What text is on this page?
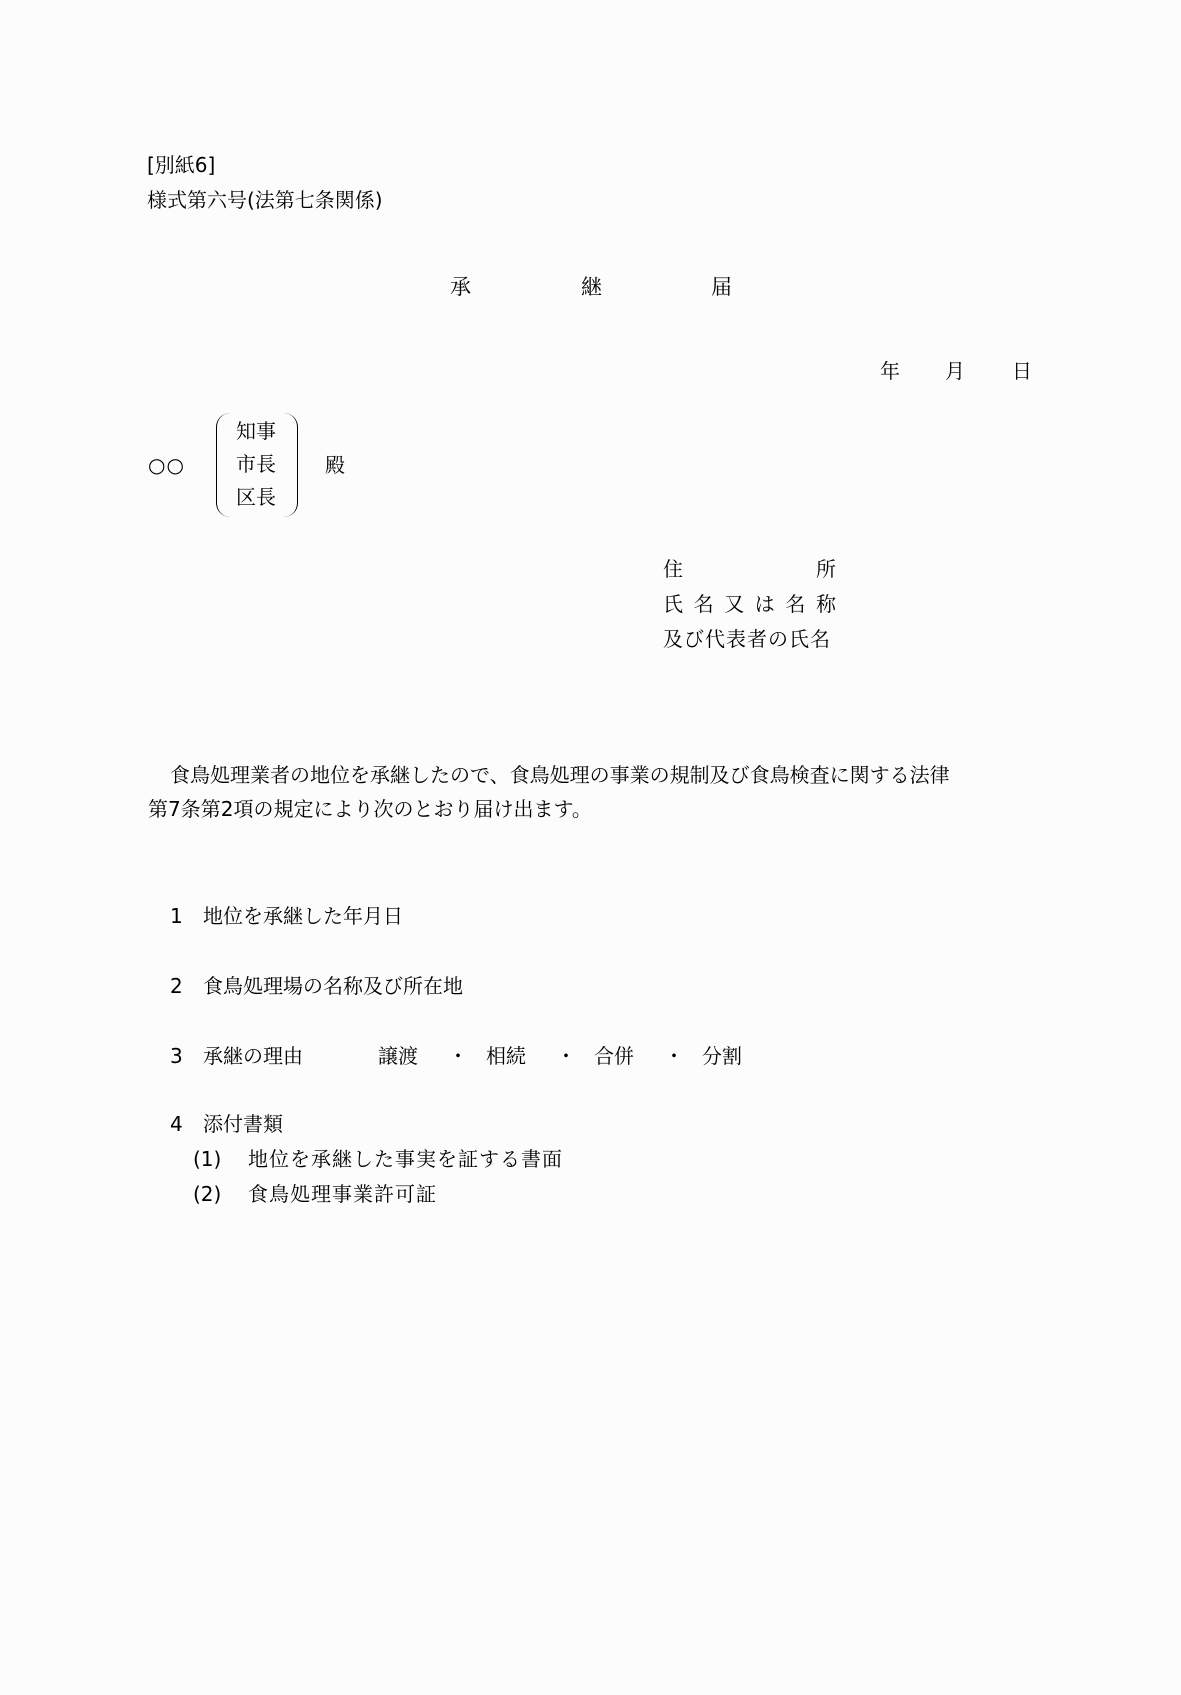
[別紙6]
様式第六号(法第七条関係)
承	継	届
年 月 日
○○
知事
市長
区長
殿
住	所
氏 名 又 は 名 称
及び代表者の氏名
食鳥処理業者の地位を承継したので、食鳥処理の事業の規制及び食鳥検査に関する法律
第7条第2項の規定により次のとおり届け出ます。
1 地位を承継した年月日
2 食鳥処理場の名称及び所在地
3 承継の理由	譲渡 ・ 相続 ・ 合併 ・ 分割
4 添付書類
(1) 地位を承継した事実を証する書面
(2) 食鳥処理事業許可証
